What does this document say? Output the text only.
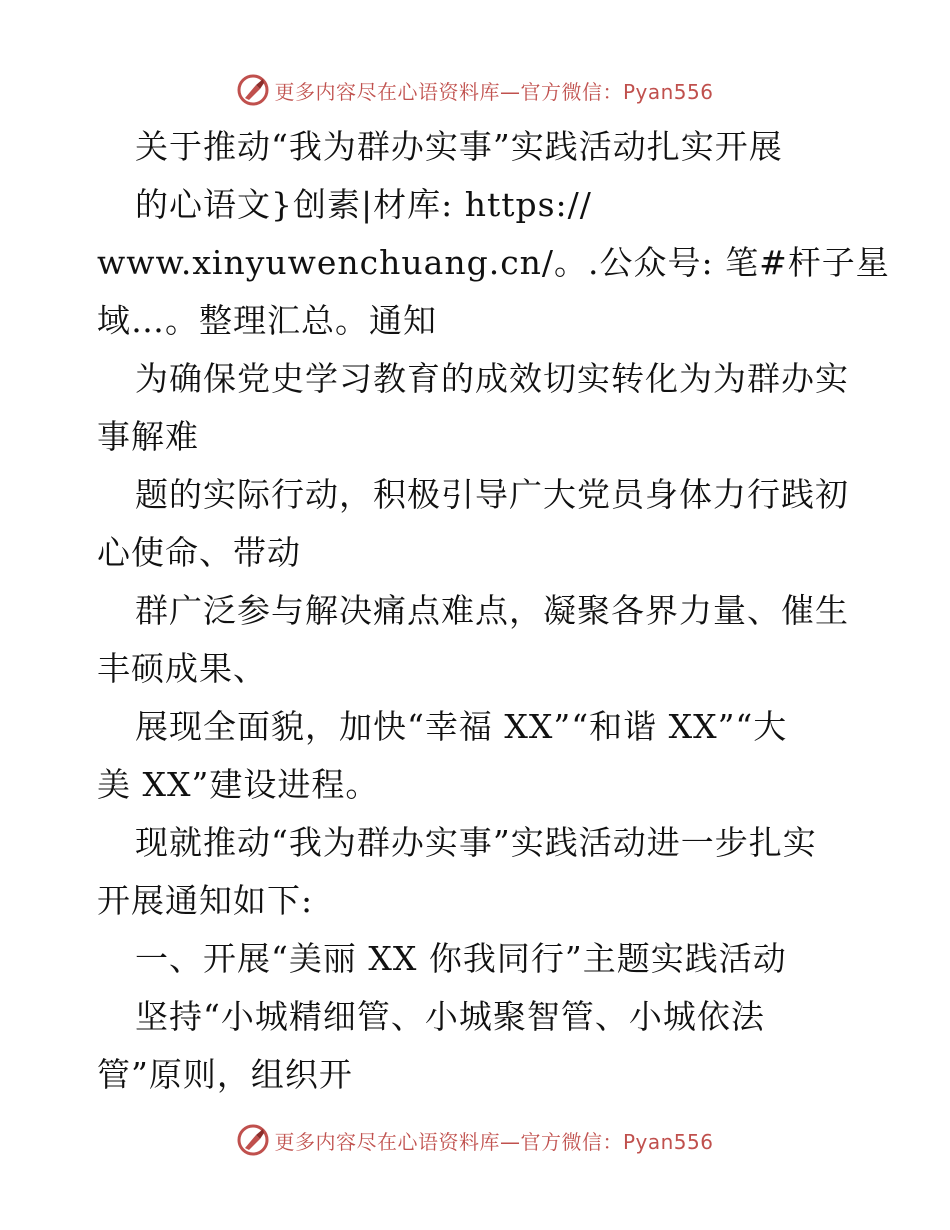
更多内容尽在心语资料库—官方微信：Pyan556
关于推动“我为群办实事”实践活动扎实开展
的心语文}创素|材库: https://
www.xinyuwenchuang.cn/。.公众号: 笔#杆子星
域…。整理汇总。通知
为确保党史学习教育的成效切实转化为为群办实
事解难
题的实际行动，积极引导广大党员身体力行践初
心使命、带动
群广泛参与解决痛点难点，凝聚各界力量、催生
丰硕成果、
展现全面貌，加快“幸福 XX”“和谐 XX”“大
美 XX”建设进程。
现就推动“我为群办实事”实践活动进一步扎实
开展通知如下:
一、开展“美丽 XX 你我同行”主题实践活动
坚持“小城精细管、小城聚智管、小城依法
管”原则，组织开
更多内容尽在心语资料库—官方微信：Pyan556
